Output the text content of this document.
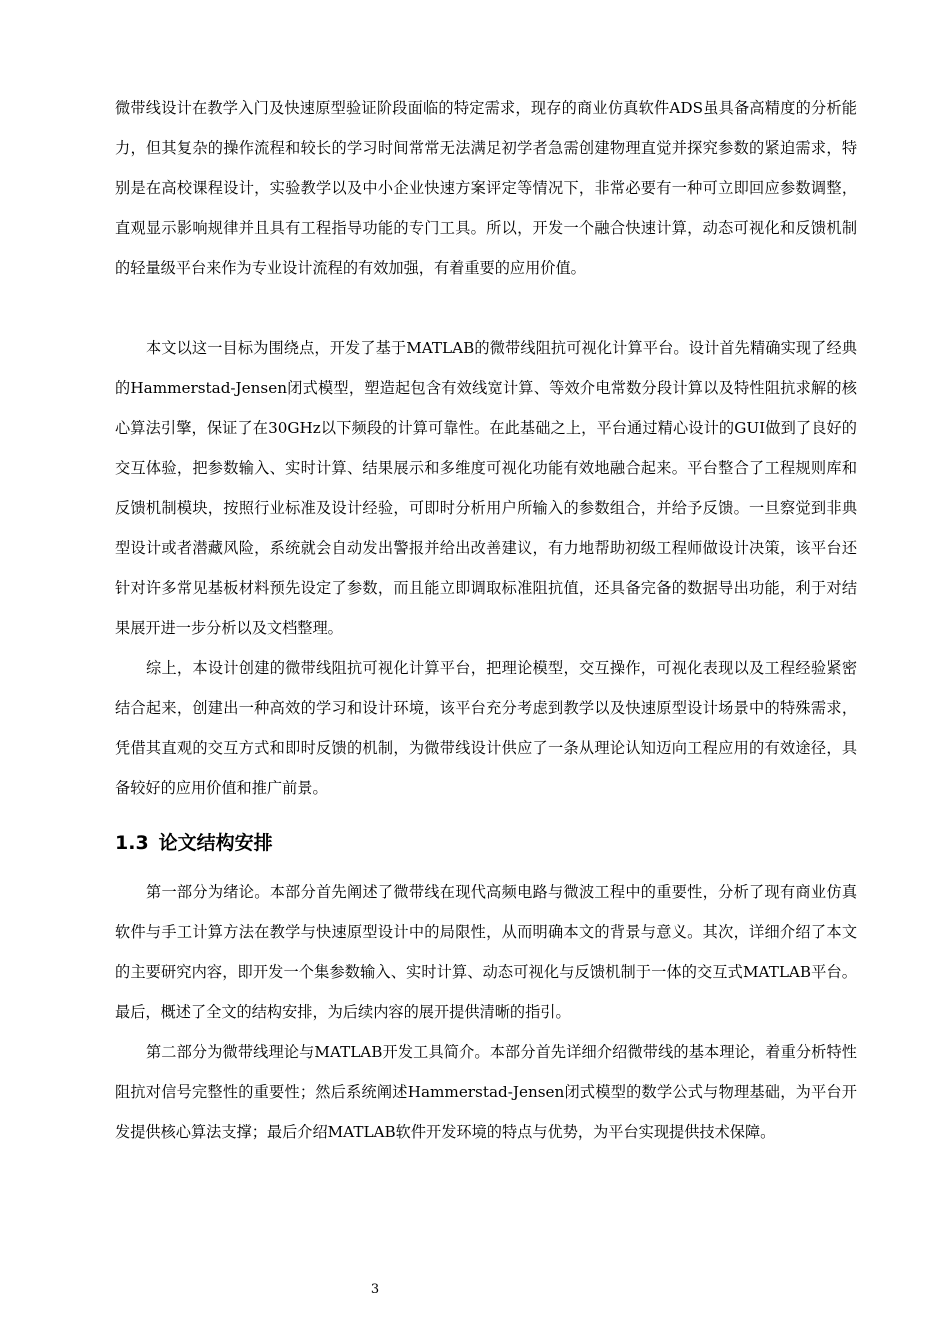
微带线设计在教学入门及快速原型验证阶段面临的特定需求，现存的商业仿真软件ADS虽具备高精度的分析能力，但其复杂的操作流程和较长的学习时间常常无法满足初学者急需创建物理直觉并探究参数的紧迫需求，特别是在高校课程设计，实验教学以及中小企业快速方案评定等情况下，非常必要有一种可立即回应参数调整，直观显示影响规律并且具有工程指导功能的专门工具。所以，开发一个融合快速计算，动态可视化和反馈机制的轻量级平台来作为专业设计流程的有效加强，有着重要的应用价值。

本文以这一目标为围绕点，开发了基于MATLAB的微带线阻抗可视化计算平台。设计首先精确实现了经典的Hammerstad-Jensen闭式模型，塑造起包含有效线宽计算、等效介电常数分段计算以及特性阻抗求解的核心算法引擎，保证了在30GHz以下频段的计算可靠性。在此基础之上，平台通过精心设计的GUI做到了良好的交互体验，把参数输入、实时计算、结果展示和多维度可视化功能有效地融合起来。平台整合了工程规则库和反馈机制模块，按照行业标准及设计经验，可即时分析用户所输入的参数组合，并给予反馈。一旦察觉到非典型设计或者潜藏风险，系统就会自动发出警报并给出改善建议，有力地帮助初级工程师做设计决策，该平台还针对许多常见基板材料预先设定了参数，而且能立即调取标准阻抗值，还具备完备的数据导出功能，利于对结果展开进一步分析以及文档整理。

综上，本设计创建的微带线阻抗可视化计算平台，把理论模型，交互操作，可视化表现以及工程经验紧密结合起来，创建出一种高效的学习和设计环境，该平台充分考虑到教学以及快速原型设计场景中的特殊需求，凭借其直观的交互方式和即时反馈的机制，为微带线设计供应了一条从理论认知迈向工程应用的有效途径，具备较好的应用价值和推广前景。

1.3 论文结构安排

第一部分为绪论。本部分首先阐述了微带线在现代高频电路与微波工程中的重要性，分析了现有商业仿真软件与手工计算方法在教学与快速原型设计中的局限性，从而明确本文的背景与意义。其次，详细介绍了本文的主要研究内容，即开发一个集参数输入、实时计算、动态可视化与反馈机制于一体的交互式MATLAB平台。最后，概述了全文的结构安排，为后续内容的展开提供清晰的指引。

第二部分为微带线理论与MATLAB开发工具简介。本部分首先详细介绍微带线的基本理论，着重分析特性阻抗对信号完整性的重要性；然后系统阐述Hammerstad-Jensen闭式模型的数学公式与物理基础，为平台开发提供核心算法支撑；最后介绍MATLAB软件开发环境的特点与优势，为平台实现提供技术保障。

3
